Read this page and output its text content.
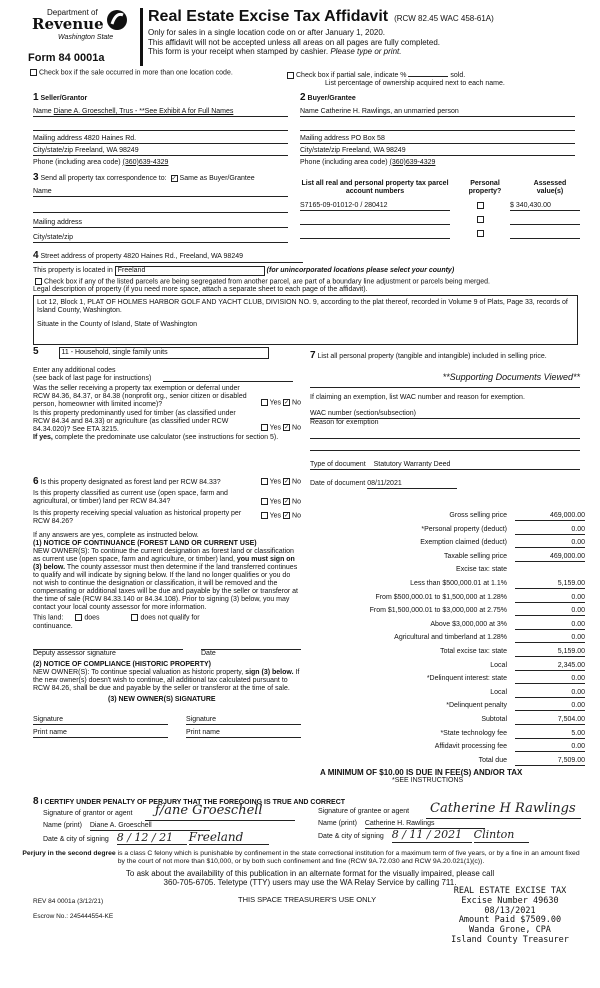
Department of
Revenue
Washington State
Form 84 0001a
Real Estate Excise Tax Affidavit (RCW 82.45 WAC 458-61A)
Only for sales in a single location code on or after January 1, 2020.
This affidavit will not be accepted unless all areas on all pages are fully completed.
This form is your receipt when stamped by cashier. Please type or print.
Check box if the sale occurred in more than one location code.	Check box if partial sale, indicate %	sold.
List percentage of ownership acquired next to each name.
1 Seller/Grantor
Name Diane A. Groeschell, Trus - **See Exhibit A for Full Names
Mailing address 4820 Haines Rd.
City/state/zip Freeland, WA 98249
Phone (including area code) (360)639-4329
2 Buyer/Grantee
Name Catherine H. Rawlings, an unmarried person
Mailing address PO Box 58
City/state/zip Freeland, WA 98249
Phone (including area code) (360)639-4329
3 Send all property tax correspondence to: ✓ Same as Buyer/Grantee
Name
Mailing address
City/state/zip
List all real and personal property tax parcel account numbers
Personal property?
Assessed value(s)
S7165-09-01012-0 / 280412	$ 340,430.00
4 Street address of property 4820 Haines Rd., Freeland, WA 98249
This property is located in Freeland	(for unincorporated locations please select your county)
Check box if any of the listed parcels are being segregated from another parcel, are part of a boundary line adjustment or parcels being merged.
Legal description of property (if you need more space, attach a separate sheet to each page of the affidavit).
Lot 12, Block 1, PLAT OF HOLMES HARBOR GOLF AND YACHT CLUB, DIVISION NO. 9, according to the plat thereof, recorded in Volume 9 of Plats, Page 33, records of Island County, Washington.
Situate in the County of Island, State of Washington
5	11 - Household, single family units
Enter any additional codes
(see back of last page for instructions)
Was the seller receiving a property tax exemption or deferral under RCW 84.36, 84.37, or 84.38 (nonprofit org., senior citizen or disabled person, homeowner with limited income)?	Yes ✓ No
Is this property predominantly used for timber (as classified under RCW 84.34 and 84.33) or agriculture (as classified under RCW 84.34.020)? See ETA 3215.	Yes ✓ No
If yes, complete the predominate use calculator (see instructions for section 5).
6 Is this property designated as forest land per RCW 84.33?	Yes ✓ No
Is this property classified as current use (open space, farm and agricultural, or timber) land per RCW 84.34?	Yes ✓ No
Is this property receiving special valuation as historical property per RCW 84.26?
Yes ✓ No
If any answers are yes, complete as instructed below.
(1) NOTICE OF CONTINUANCE (FOREST LAND OR CURRENT USE)
NEW OWNER(S): To continue the current designation as forest land or classification as current use (open space, farm and agriculture, or timber) land, you must sign on (3) below. The county assessor must then determine if the land transferred continues to qualify and will indicate by signing below. If the land no longer qualifies or you do not wish to continue the designation or classification, it will be removed and the compensating or additional taxes will be due and payable by the seller or transferor at the time of sale (RCW 84.33.140 or 84.34.108). Prior to signing (3) below, you may contact your local county assessor for more information.
This land:	does	does not qualify for
continuance.
Deputy assessor signature	Date
(2) NOTICE OF COMPLIANCE (HISTORIC PROPERTY)
NEW OWNER(S): To continue special valuation as historic property, sign (3) below. If the new owner(s) doesn't wish to continue, all additional tax calculated pursuant to RCW 84.26, shall be due and payable by the seller or transferor at the time of sale.
(3) NEW OWNER(S) SIGNATURE
Signature	Signature
Print name	Print name
7 List all personal property (tangible and intangible) included in selling price.
**Supporting Documents Viewed**
If claiming an exemption, list WAC number and reason for exemption.
WAC number (section/subsection)
Reason for exemption
Type of document Statutory Warranty Deed
Date of document 08/11/2021
Gross selling price	469,000.00
*Personal property (deduct)	0.00
Exemption claimed (deduct)	0.00
Taxable selling price	469,000.00
Excise tax: state
Less than $500,000.01 at 1.1%	5,159.00
From $500,000.01 to $1,500,000 at 1.28%	0.00
From $1,500,000.01 to $3,000,000 at 2.75%	0.00
Above $3,000,000 at 3%	0.00
Agricultural and timberland at 1.28%	0.00
Total excise tax: state	5,159.00
Local	2,345.00
*Delinquent interest: state	0.00
Local	0.00
*Delinquent penalty	0.00
Subtotal	7,504.00
*State technology fee	5.00
Affidavit processing fee	0.00
Total due	7,509.00
A MINIMUM OF $10.00 IS DUE IN FEE(S) AND/OR TAX
*SEE INSTRUCTIONS
8 I CERTIFY UNDER PENALTY OF PERJURY THAT THE FOREGOING IS TRUE AND CORRECT
Signature of grantor or agent ƒ/ane Groeschell
Name (print) Diane A. Groeschell
Date & city of signing 8 / 12 / 21 Freeland
Signature of grantee or agent Catherine H Rawlings
Name (print) Catherine H. Rawlings
Date & city of signing 8 / 11 / 2021 Clinton
Perjury in the second degree is a class C felony which is punishable by confinement in the state correctional institution for a maximum term of five years, or by a fine in an amount fixed by the court of not more than $10,000, or by both such confinement and fine (RCW 9A.72.030 and RCW 9A.20.021(1)(c)).
To ask about the availability of this publication in an alternate format for the visually impaired, please call 360-705-6705. Teletype (TTY) users may use the WA Relay Service by calling 711.
REV 84 0001a (3/12/21)	THIS SPACE TREASURER'S USE ONLY
Escrow No.: 245444554-KE
REAL ESTATE EXCISE TAX
Excise Number 49630
08/13/2021
Amount Paid $7509.00
Wanda Grone, CPA
Island County Treasurer
